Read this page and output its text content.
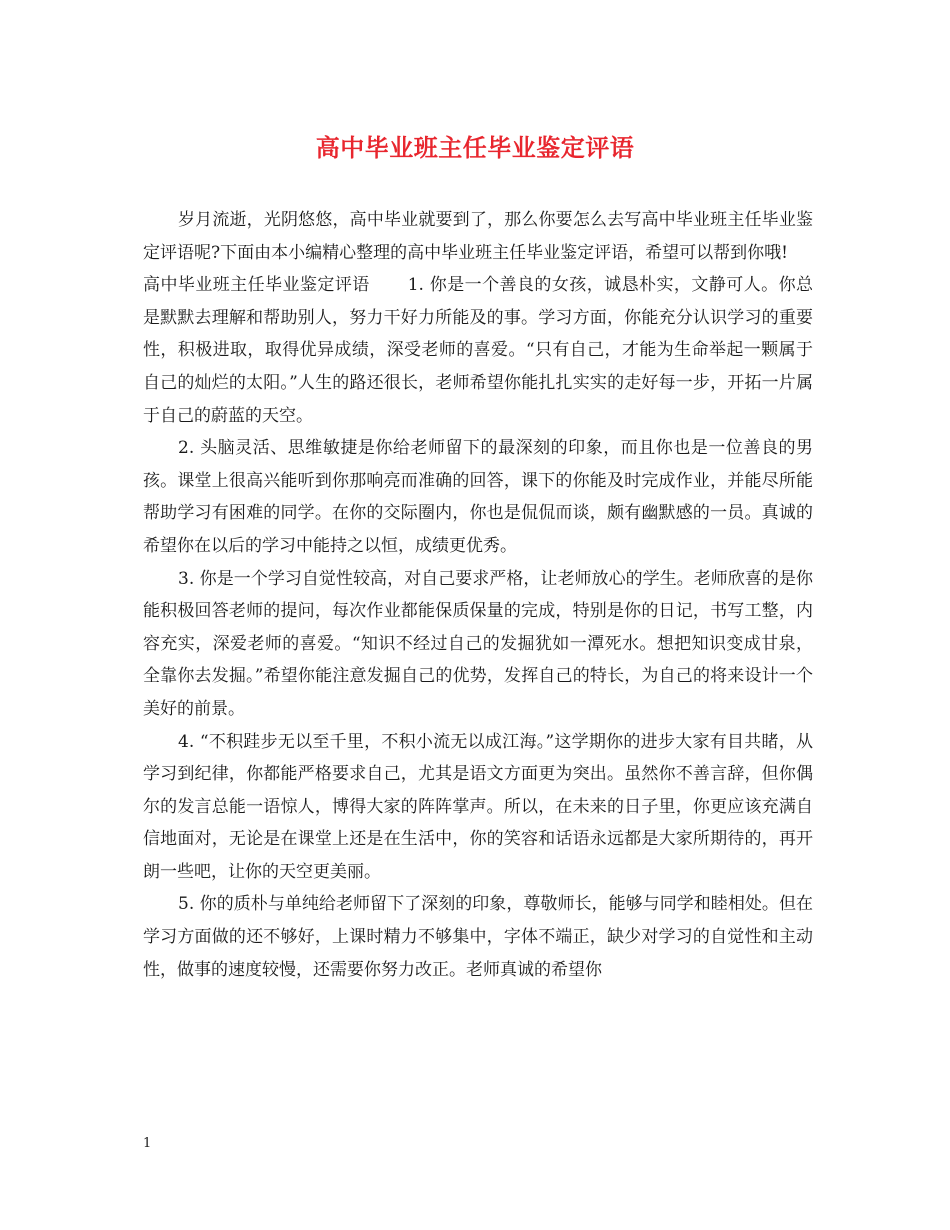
高中毕业班主任毕业鉴定评语

岁月流逝，光阴悠悠，高中毕业就要到了，那么你要怎么去写高中毕业班主任毕业鉴定评语呢?下面由本小编精心整理的高中毕业班主任毕业鉴定评语，希望可以帮到你哦!

高中毕业班主任毕业鉴定评语 1. 你是一个善良的女孩，诚恳朴实，文静可人。你总是默默去理解和帮助别人，努力干好力所能及的事。学习方面，你能充分认识学习的重要性，积极进取，取得优异成绩，深受老师的喜爱。“只有自己，才能为生命举起一颗属于自己的灿烂的太阳。”人生的路还很长，老师希望你能扎扎实实的走好每一步，开拓一片属于自己的蔚蓝的天空。

2. 头脑灵活、思维敏捷是你给老师留下的最深刻的印象，而且你也是一位善良的男孩。课堂上很高兴能听到你那响亮而准确的回答，课下的你能及时完成作业，并能尽所能帮助学习有困难的同学。在你的交际圈内，你也是侃侃而谈，颇有幽默感的一员。真诚的希望你在以后的学习中能持之以恒，成绩更优秀。

3. 你是一个学习自觉性较高，对自己要求严格，让老师放心的学生。老师欣喜的是你能积极回答老师的提问，每次作业都能保质保量的完成，特别是你的日记，书写工整，内容充实，深爱老师的喜爱。“知识不经过自己的发掘犹如一潭死水。想把知识变成甘泉，全靠你去发掘。”希望你能注意发掘自己的优势，发挥自己的特长，为自己的将来设计一个美好的前景。

4. “不积跬步无以至千里，不积小流无以成江海。”这学期你的进步大家有目共睹，从学习到纪律，你都能严格要求自己，尤其是语文方面更为突出。虽然你不善言辞，但你偶尔的发言总能一语惊人，博得大家的阵阵掌声。所以，在未来的日子里，你更应该充满自信地面对，无论是在课堂上还是在生活中，你的笑容和话语永远都是大家所期待的，再开朗一些吧，让你的天空更美丽。

5. 你的质朴与单纯给老师留下了深刻的印象，尊敬师长，能够与同学和睦相处。但在学习方面做的还不够好，上课时精力不够集中，字体不端正，缺少对学习的自觉性和主动性，做事的速度较慢，还需要你努力改正。老师真诚的希望你

1
